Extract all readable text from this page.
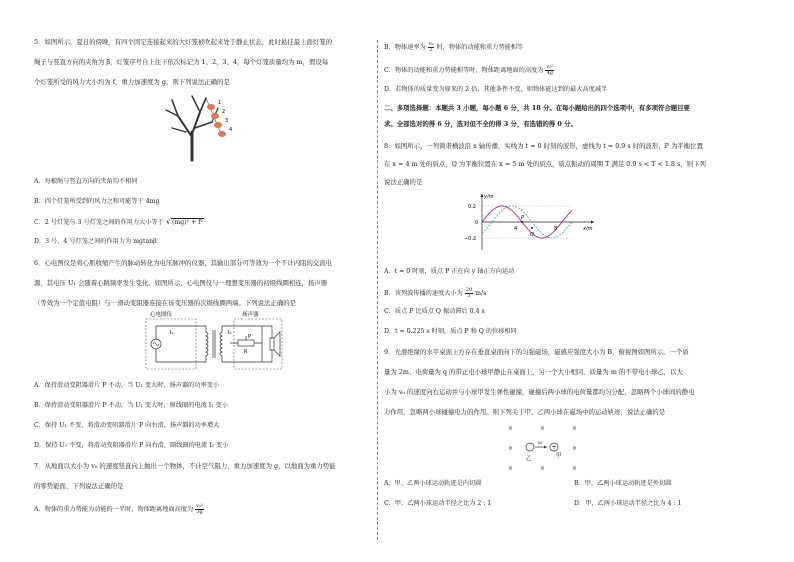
5．如图所示，夏日的傍晚，有四个固定连接起来的大灯笼被吹起来处于静止状态，此时悬挂最上面灯笼的
绳子与竖直方向的夹角为 β，灯笼序号自上往下依次标记为 1、2、3、4，每个灯笼质量均为 m，假设每
个灯笼所受的风力大小均为 f，重力加速度为 g，则下列说法正确的是
1
2
3
4
A．每根绳与竖直方向的夹角均不相同
B．四个灯笼所受到的风力之和可能等于 4mg
C．2 号灯笼与 3 号灯笼之间的作用力大小等于 √(mg)² + f²
D．3 号、4 号灯笼之间的作用力为 mgtanβ
6．心电图仪是将心肌收缩产生的脉动转化为电压脉冲的仪器，其输出部分可等效为一个不计内阻的交流电
源，其电压 U₁ 会随着心跳频率发生变化。如图所示，心电图仪与一理想变压器的初级线圈相连，扬声器
（等效为一个定值电阻）与一滑动变阻器连接在该变压器的次级线圈两端。下列说法正确的是
心电图仪	扬声器
I₁	I₂
P
R
A．保持滑动变阻器滑片 P 不动，当 U₁ 变大时，扬声器的功率变小
B．保持滑动变阻器滑片 P 不动，当 U₁ 变大时，原线圈的电流 I₁ 变小
C．保持 U₁ 不变，将滑动变阻器滑片 P 向右滑，扬声器的功率增大
D．保持 U₁ 不变，将滑动变阻器滑片 P 向右滑，副线圈的电流 I₂ 变小
7．从地面以大小为 v₀ 的速度竖直向上抛出一个物体，不计空气阻力，重力加速度为 g，以地面为重力势能
的零势能面，下列说法正确的是
A．物体的重力势能为动能的一半时，物体距离地面高度为 $\frac{\text{v₀²}}{3g}$
B．物体速率为 $\frac{\text{v₀}}{2}$ 时，物体的动能和重力势能相等
C．物体的动能和重力势能相等时，物体距离地面的高度为 $\frac{\text{v₀²}}{4g}$
D．若物体的质量变为原来的 2 倍，其他条件不变，则物体能达到的最大高度减半
二、多项选择题：本题共 3 小题，每小题 6 分，共 18 分。在每小题给出的四个选项中，有多项符合题目要
求。全部选对的得 6 分，选对但不全的得 3 分，有选错的得 0 分。
8．如图所示，一列简谐横波沿 x 轴传播，实线为 t = 0 时刻的波形，虚线为 t = 0.9 s 时的波形，P 为平衡位置
在 x = 4 m 处的质点，Q 为平衡位置在 x = 5 m 处的质点，质点振动的周期 T 满足 0.9 s < T < 1.8 s，则下列
说法正确的是
y/m
x/m
0.2
0
−0.2
4	8
P
Q
A．t = 0 时刻，质点 P 正在向 y 轴正方向运动
B．该列波传播的速度大小为 $\frac{20}{3} m/s$
C．质点 P 比质点 Q 振动滞后 0.4 s
D．t = 0.225 s 时刻，质点 P 和 Q 的位移相同
9．光滑绝缘的水平桌面上方存在垂直桌面向下的匀强磁场，磁感应强度大小为 B，俯视图如图所示。一个质
量为 2m、电荷量为 q 的带正电小球甲静止在桌面上，另一个大小相同、质量为 m 的不带电小球乙，以大
小为 v₀ 的速度向右运动并与小球甲发生弹性碰撞，碰撞后两小球的电荷量都均匀分配，忽略两个小球间的静电
力作用，忽略两小球碰撞电力的作用。则下列关于甲、乙两小球在磁场中的运动轨迹，说法正确的是
×	×	×
×	×
×	×	×
v₀
+
乙	甲
A．甲、乙两小球运动轨迹是内切圆	B．甲、乙两小球运动轨迹是外切圆
C．甲、乙两小球运动半径之比为 2 : 1	D．甲、乙两小球运动半径之比为 4 : 1
